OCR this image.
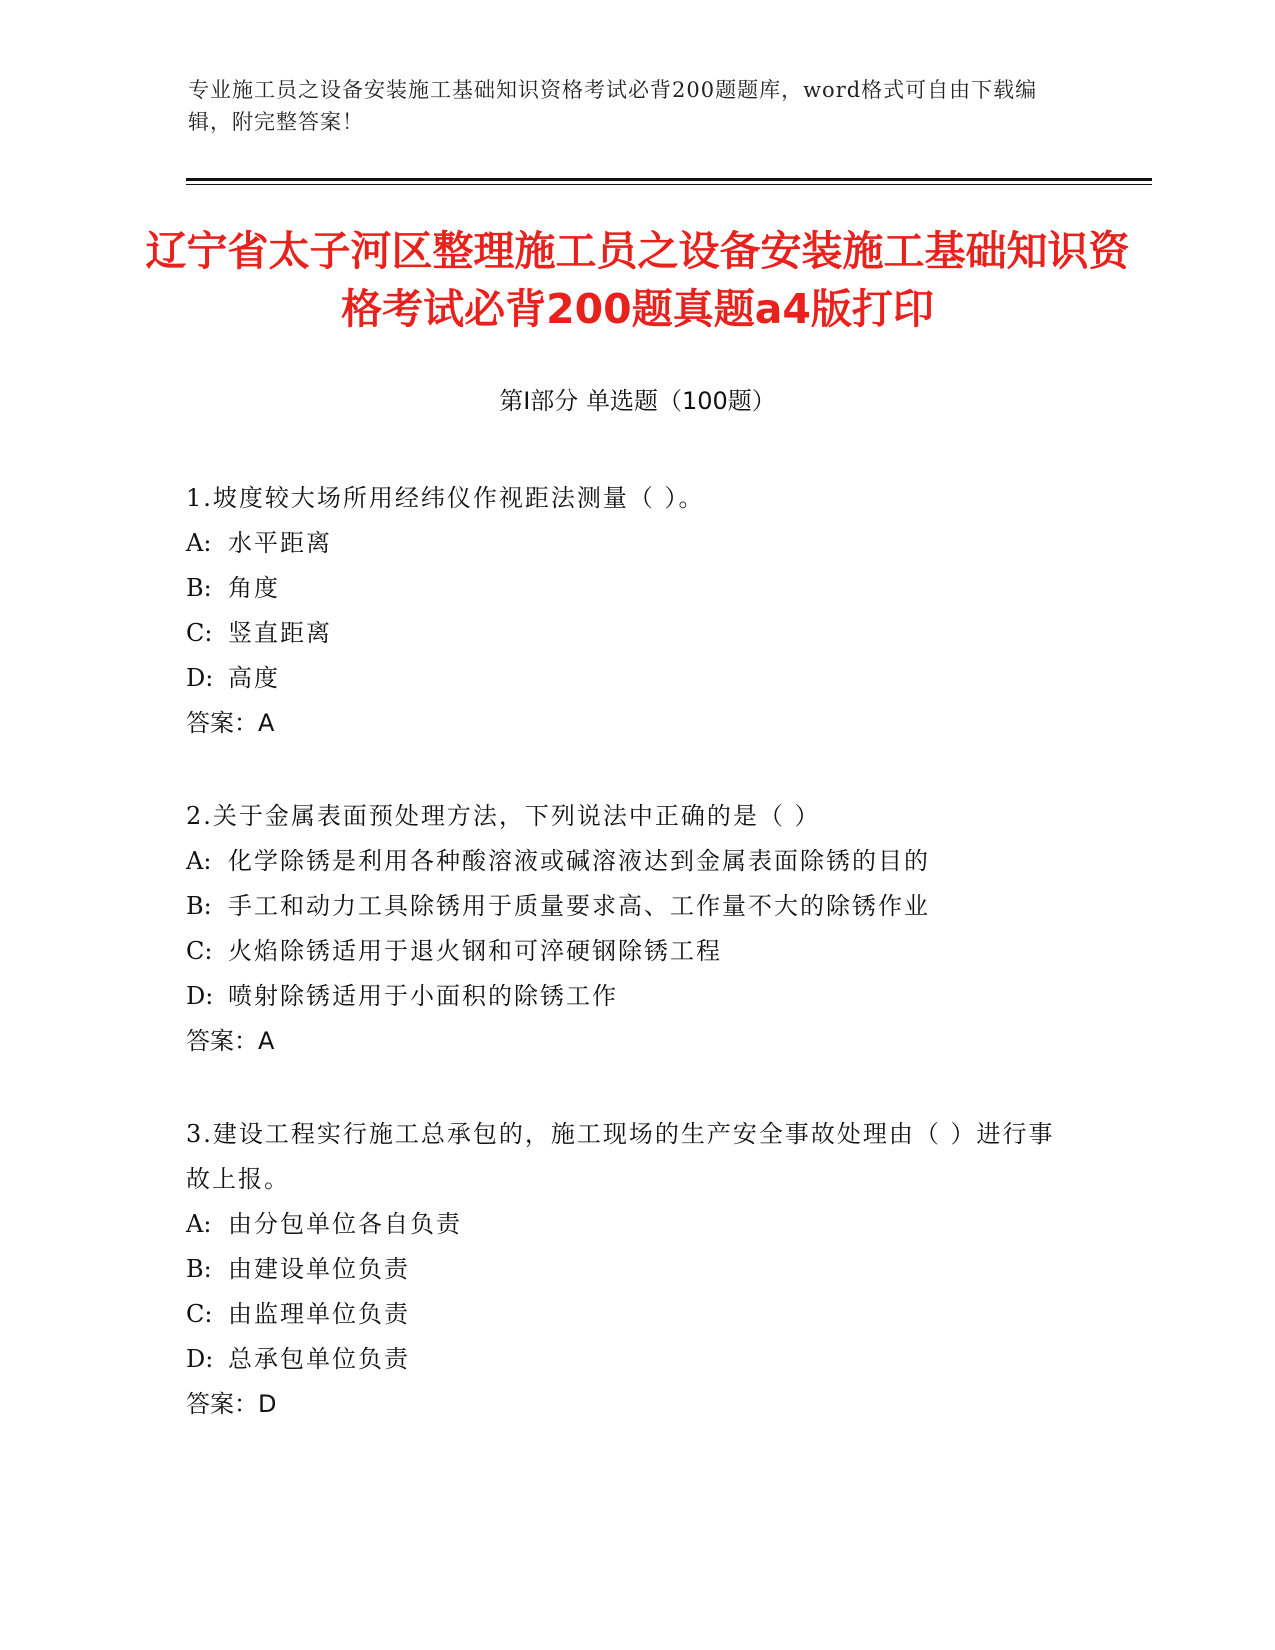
专业施工员之设备安装施工基础知识资格考试必背200题题库，word格式可自由下载编辑，附完整答案！
辽宁省太子河区整理施工员之设备安装施工基础知识资格考试必背200题真题a4版打印
第I部分 单选题（100题）
1.坡度较大场所用经纬仪作视距法测量（ ）。
A: 水平距离
B: 角度
C: 竖直距离
D: 高度
答案：A
2.关于金属表面预处理方法，下列说法中正确的是（ ）
A: 化学除锈是利用各种酸溶液或碱溶液达到金属表面除锈的目的
B: 手工和动力工具除锈用于质量要求高、工作量不大的除锈作业
C: 火焰除锈适用于退火钢和可淬硬钢除锈工程
D: 喷射除锈适用于小面积的除锈工作
答案：A
3.建设工程实行施工总承包的，施工现场的生产安全事故处理由（ ）进行事故上报。
A: 由分包单位各自负责
B: 由建设单位负责
C: 由监理单位负责
D: 总承包单位负责
答案：D
